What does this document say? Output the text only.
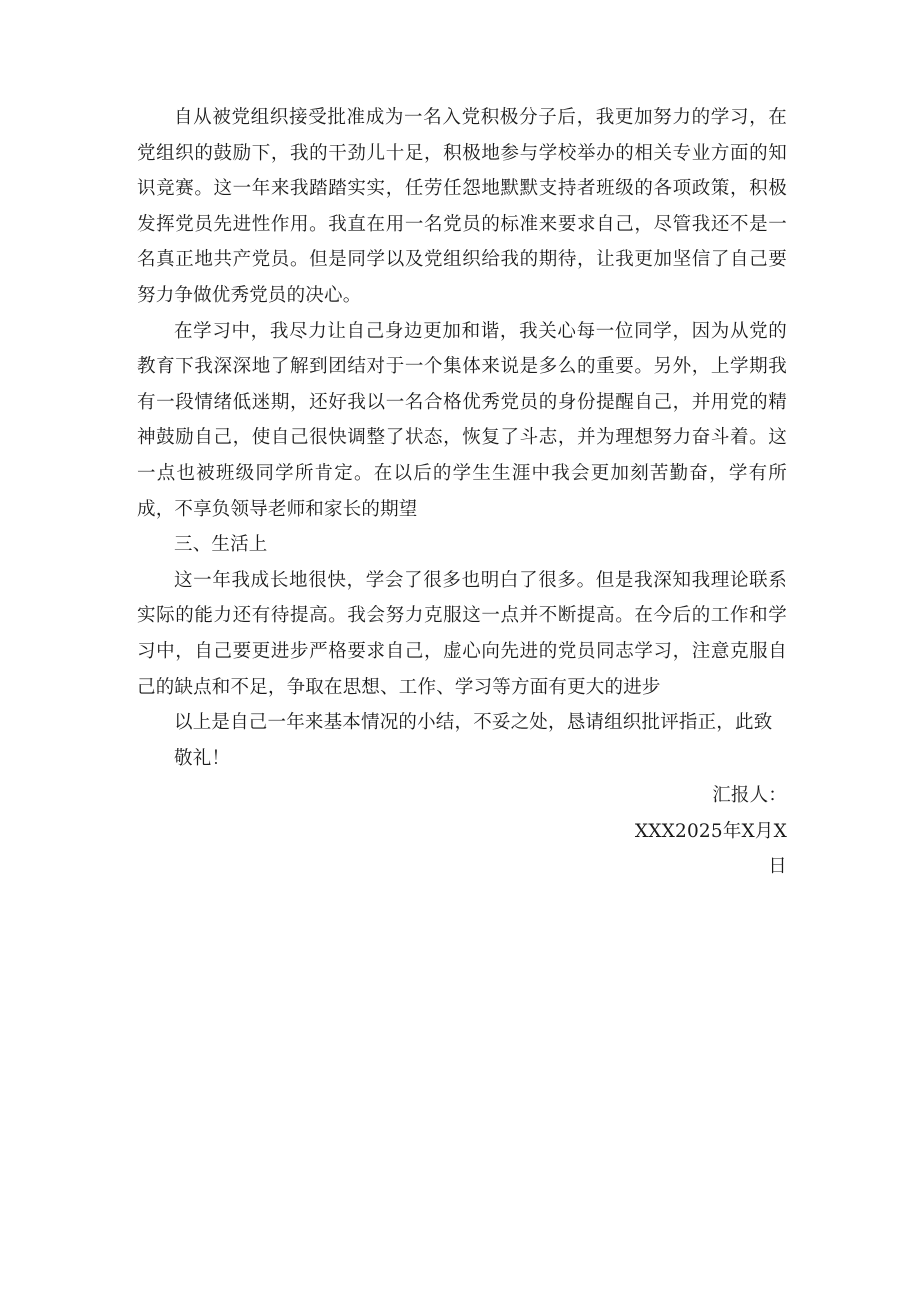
自从被党组织接受批准成为一名入党积极分子后，我更加努力的学习，在党组织的鼓励下，我的干劲儿十足，积极地参与学校举办的相关专业方面的知识竞赛。这一年来我踏踏实实，任劳任怨地默默支持者班级的各项政策，积极发挥党员先进性作用。我直在用一名党员的标准来要求自己，尽管我还不是一名真正地共产党员。但是同学以及党组织给我的期待，让我更加坚信了自己要努力争做优秀党员的决心。

在学习中，我尽力让自己身边更加和谐，我关心每一位同学，因为从党的教育下我深深地了解到团结对于一个集体来说是多么的重要。另外，上学期我有一段情绪低迷期，还好我以一名合格优秀党员的身份提醒自己，并用党的精神鼓励自己，使自己很快调整了状态，恢复了斗志，并为理想努力奋斗着。这一点也被班级同学所肯定。在以后的学生生涯中我会更加刻苦勤奋，学有所成，不享负领导老师和家长的期望

三、生活上

这一年我成长地很快，学会了很多也明白了很多。但是我深知我理论联系实际的能力还有待提高。我会努力克服这一点并不断提高。在今后的工作和学习中，自己要更进步严格要求自己，虚心向先进的党员同志学习，注意克服自己的缺点和不足，争取在思想、工作、学习等方面有更大的进步

以上是自己一年来基本情况的小结，不妥之处，恳请组织批评指正，此致

敬礼！

汇报人：

XXX2025年X月X
日
